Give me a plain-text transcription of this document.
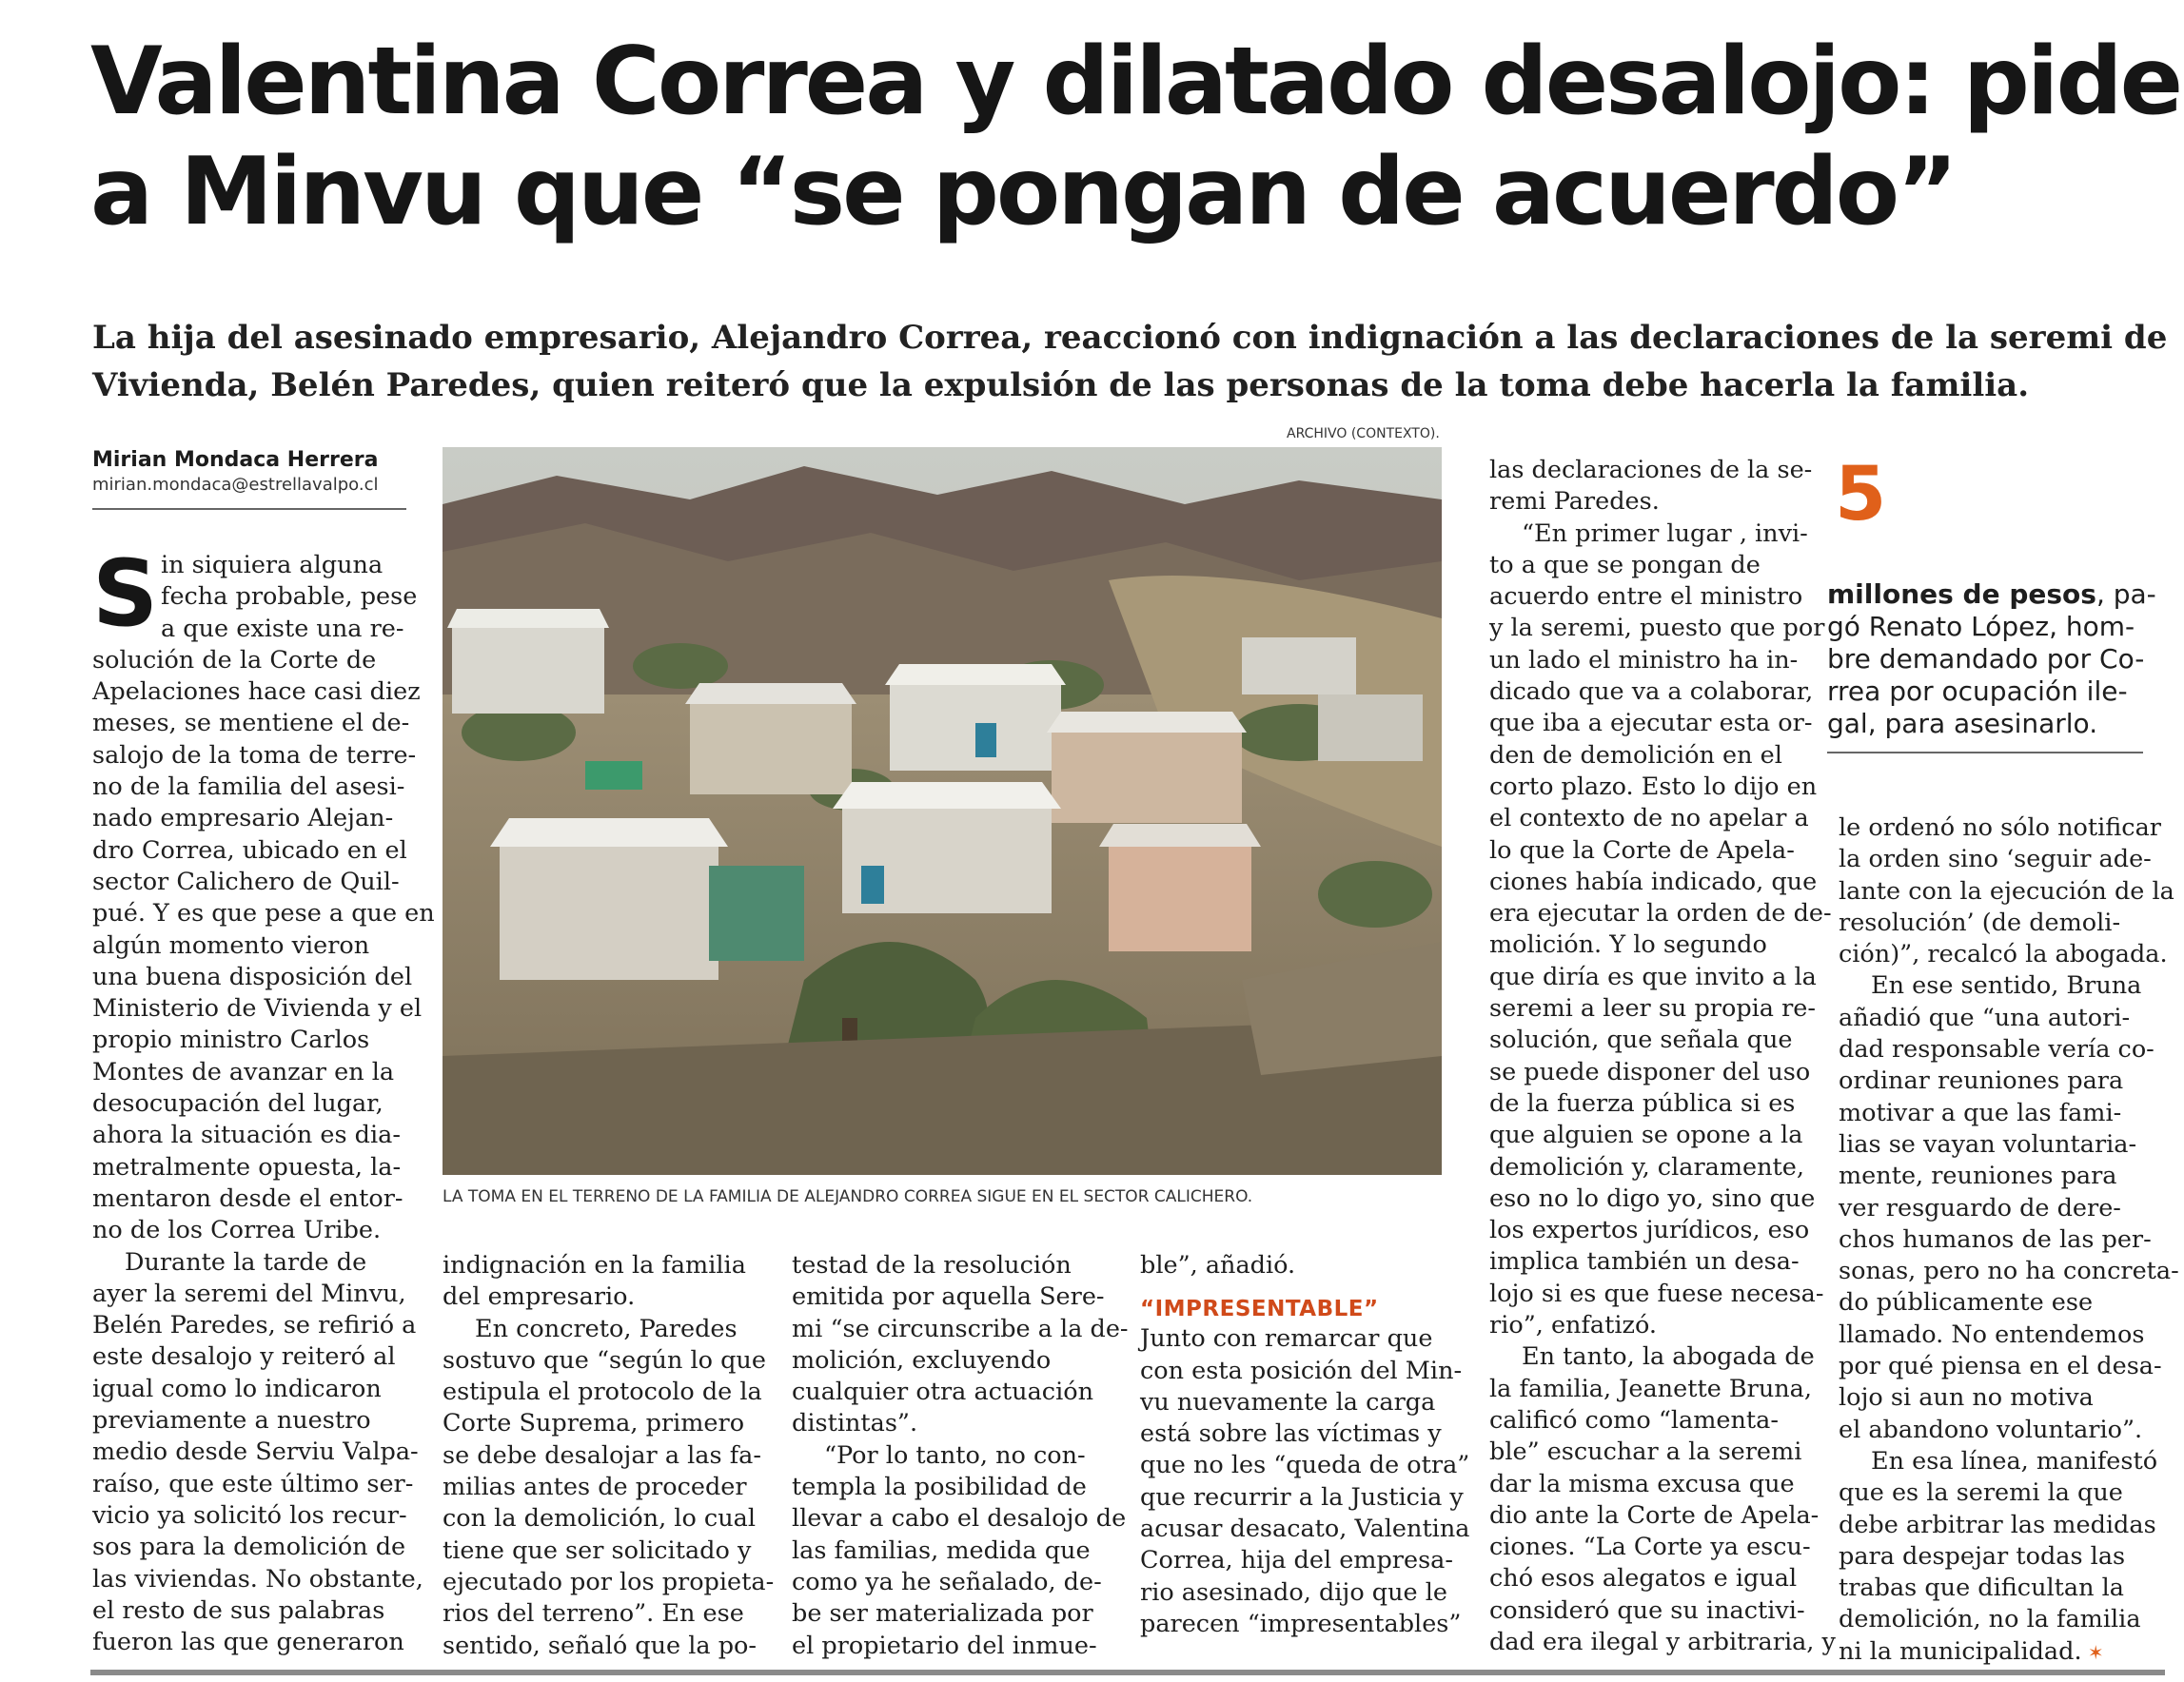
Valentina Correa y dilatado desalojo: pide
a Minvu que “se pongan de acuerdo”

La hija del asesinado empresario, Alejandro Correa, reaccionó con indignación a las declaraciones de la seremi de
Vivienda, Belén Paredes, quien reiteró que la expulsión de las personas de la toma debe hacerla la familia.

Mirian Mondaca Herrera
mirian.mondaca@estrellavalpo.cl
S in siquiera alguna
fecha probable, pese
a que existe una re-
solución de la Corte de
Apelaciones hace casi diez
meses, se mentiene el de-
salojo de la toma de terre-
no de la familia del asesi-
nado empresario Alejan-
dro Correa, ubicado en el
sector Calichero de Quil-
pué. Y es que pese a que en
algún momento vieron
una buena disposición del
Ministerio de Vivienda y el
propio ministro Carlos
Montes de avanzar en la
desocupación del lugar,
ahora la situación es dia-
metralmente opuesta, la-
mentaron desde el entor-
no de los Correa Uribe.
Durante la tarde de
ayer la seremi del Minvu,
Belén Paredes, se refirió a
este desalojo y reiteró al
igual como lo indicaron
previamente a nuestro
medio desde Serviu Valpa-
raíso, que este último ser-
vicio ya solicitó los recur-
sos para la demolición de
las viviendas. No obstante,
el resto de sus palabras
fueron las que generaron
ARCHIVO (CONTEXTO).
LA TOMA EN EL TERRENO DE LA FAMILIA DE ALEJANDRO CORREA SIGUE EN EL SECTOR CALICHERO.
indignación en la familia
del empresario.
En concreto, Paredes
sostuvo que “según lo que
estipula el protocolo de la
Corte Suprema, primero
se debe desalojar a las fa-
milias antes de proceder
con la demolición, lo cual
tiene que ser solicitado y
ejecutado por los propieta-
rios del terreno”. En ese
sentido, señaló que la po-
testad de la resolución
emitida por aquella Sere-
mi “se circunscribe a la de-
molición, excluyendo
cualquier otra actuación
distintas”.
“Por lo tanto, no con-
templa la posibilidad de
llevar a cabo el desalojo de
las familias, medida que
como ya he señalado, de-
be ser materializada por
el propietario del inmue-
ble”, añadió.
“IMPRESENTABLE”
Junto con remarcar que
con esta posición del Min-
vu nuevamente la carga
está sobre las víctimas y
que no les “queda de otra”
que recurrir a la Justicia y
acusar desacato, Valentina
Correa, hija del empresa-
rio asesinado, dijo que le
parecen “impresentables”
las declaraciones de la se-
remi Paredes.
“En primer lugar , invi-
to a que se pongan de
acuerdo entre el ministro
y la seremi, puesto que por
un lado el ministro ha in-
dicado que va a colaborar,
que iba a ejecutar esta or-
den de demolición en el
corto plazo. Esto lo dijo en
el contexto de no apelar a
lo que la Corte de Apela-
ciones había indicado, que
era ejecutar la orden de de-
molición. Y lo segundo
que diría es que invito a la
seremi a leer su propia re-
solución, que señala que
se puede disponer del uso
de la fuerza pública si es
que alguien se opone a la
demolición y, claramente,
eso no lo digo yo, sino que
los expertos jurídicos, eso
implica también un desa-
lojo si es que fuese necesa-
rio”, enfatizó.
En tanto, la abogada de
la familia, Jeanette Bruna,
calificó como “lamenta-
ble” escuchar a la seremi
dar la misma excusa que
dio ante la Corte de Apela-
ciones. “La Corte ya escu-
chó esos alegatos e igual
consideró que su inactivi-
dad era ilegal y arbitraria, y
5
millones de pesos, pa-
gó Renato López, hom-
bre demandado por Co-
rrea por ocupación ile-
gal, para asesinarlo.
le ordenó no sólo notificar
la orden sino ‘seguir ade-
lante con la ejecución de la
resolución’ (de demoli-
ción)”, recalcó la abogada.
En ese sentido, Bruna
añadió que “una autori-
dad responsable vería co-
ordinar reuniones para
motivar a que las fami-
lias se vayan voluntaria-
mente, reuniones para
ver resguardo de dere-
chos humanos de las per-
sonas, pero no ha concreta-
do públicamente ese
llamado. No entendemos
por qué piensa en el desa-
lojo si aun no motiva
el abandono voluntario”.
En esa línea, manifestó
que es la seremi la que
debe arbitrar las medidas
para despejar todas las
trabas que dificultan la
demolición, no la familia
ni la municipalidad. ✶
